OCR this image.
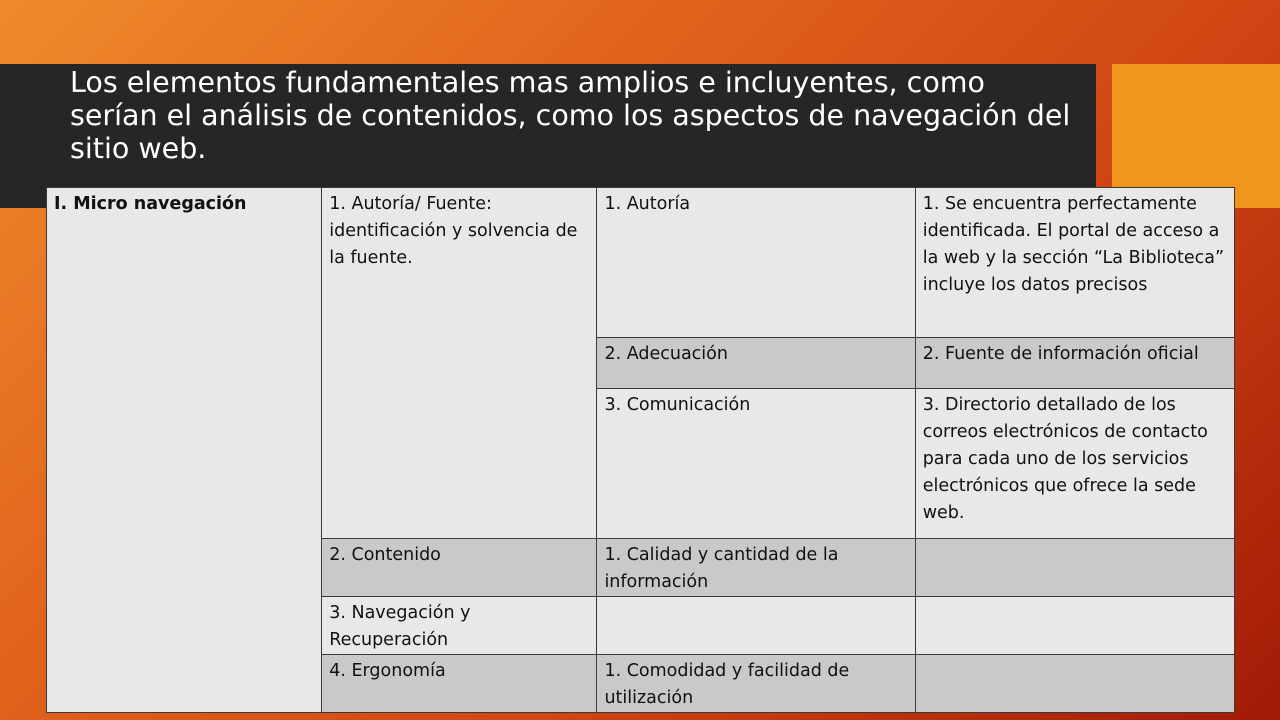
Los elementos fundamentales mas amplios e incluyentes, como serían el análisis de contenidos, como los aspectos de navegación del sitio web.
I. Micro navegación	1. Autoría/ Fuente: identificación y solvencia de la fuente.	1. Autoría	1. Se encuentra perfectamente identificada. El portal de acceso a la web y la sección “La Biblioteca” incluye los datos precisos
		2. Adecuación	2. Fuente de información oficial
		3. Comunicación	3. Directorio detallado de los correos electrónicos de contacto para cada uno de los servicios electrónicos que ofrece la sede web.
	2. Contenido	1. Calidad y cantidad de la información	
	3. Navegación y Recuperación		
	4. Ergonomía	1. Comodidad y facilidad de utilización	
